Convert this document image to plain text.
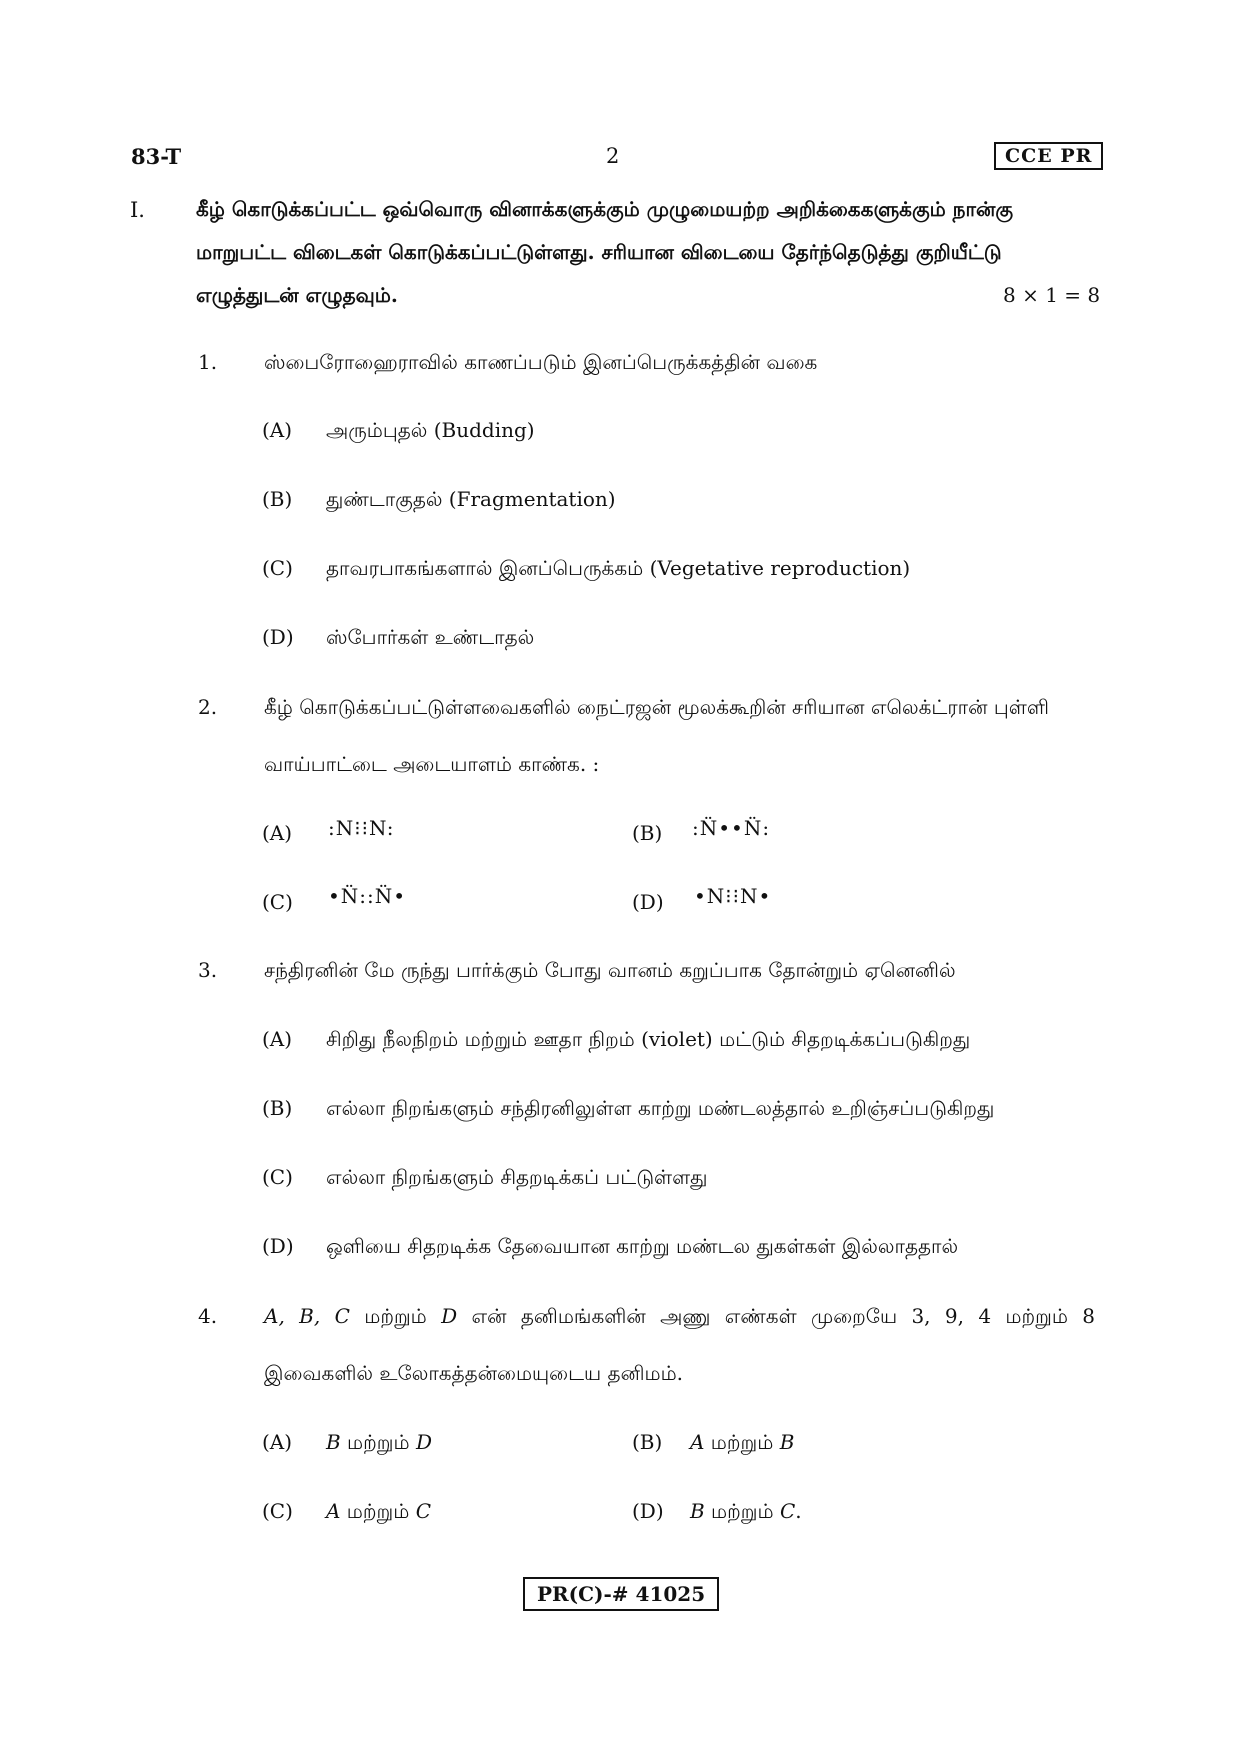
83-T	2	CCE PR
I.	கீழ் கொடுக்கப்பட்ட ஒவ்வொரு வினாக்களுக்கும் முழுமையற்ற அறிக்கைகளுக்கும் நான்கு
மாறுபட்ட விடைகள் கொடுக்கப்பட்டுள்ளது. சரியான விடையை தேர்ந்தெடுத்து குறியீட்டு
எழுத்துடன் எழுதவும்.	8 × 1 = 8
1. ஸ்பைரோஹைராவில் காணப்படும் இனப்பெருக்கத்தின் வகை
(A) அரும்புதல் (Budding)
(B) துண்டாகுதல் (Fragmentation)
(C) தாவரபாகங்களால் இனப்பெருக்கம் (Vegetative reproduction)
(D) ஸ்போர்கள் உண்டாதல்
2. கீழ் கொடுக்கப்பட்டுள்ளவைகளில் நைட்ரஜன் மூலக்கூறின் சரியான எலெக்ட்ரான் புள்ளி
வாய்பாட்டை அடையாளம் காண்க. :
(A) :N⁝⁝N:	(B) :N̈••N̈:
(C) •N̈::N̈•	(D) •N⁝⁝N•
3. சந்திரனின் மே ருந்து பார்க்கும் போது வானம் கறுப்பாக தோன்றும் ஏனெனில்
(A) சிறிது நீலநிறம் மற்றும் ஊதா நிறம் (violet) மட்டும் சிதறடிக்கப்படுகிறது
(B) எல்லா நிறங்களும் சந்திரனிலுள்ள காற்று மண்டலத்தால் உறிஞ்சப்படுகிறது
(C) எல்லா நிறங்களும் சிதறடிக்கப் பட்டுள்ளது
(D) ஒளியை சிதறடிக்க தேவையான காற்று மண்டல துகள்கள் இல்லாததால்
4. A, B, C மற்றும் D என் தனிமங்களின் அணு எண்கள் முறையே 3, 9, 4 மற்றும் 8
இவைகளில் உலோகத்தன்மையுடைய தனிமம்.
(A) B மற்றும் D	(B) A மற்றும் B
(C) A மற்றும் C	(D) B மற்றும் C.
PR(C)-# 41025
